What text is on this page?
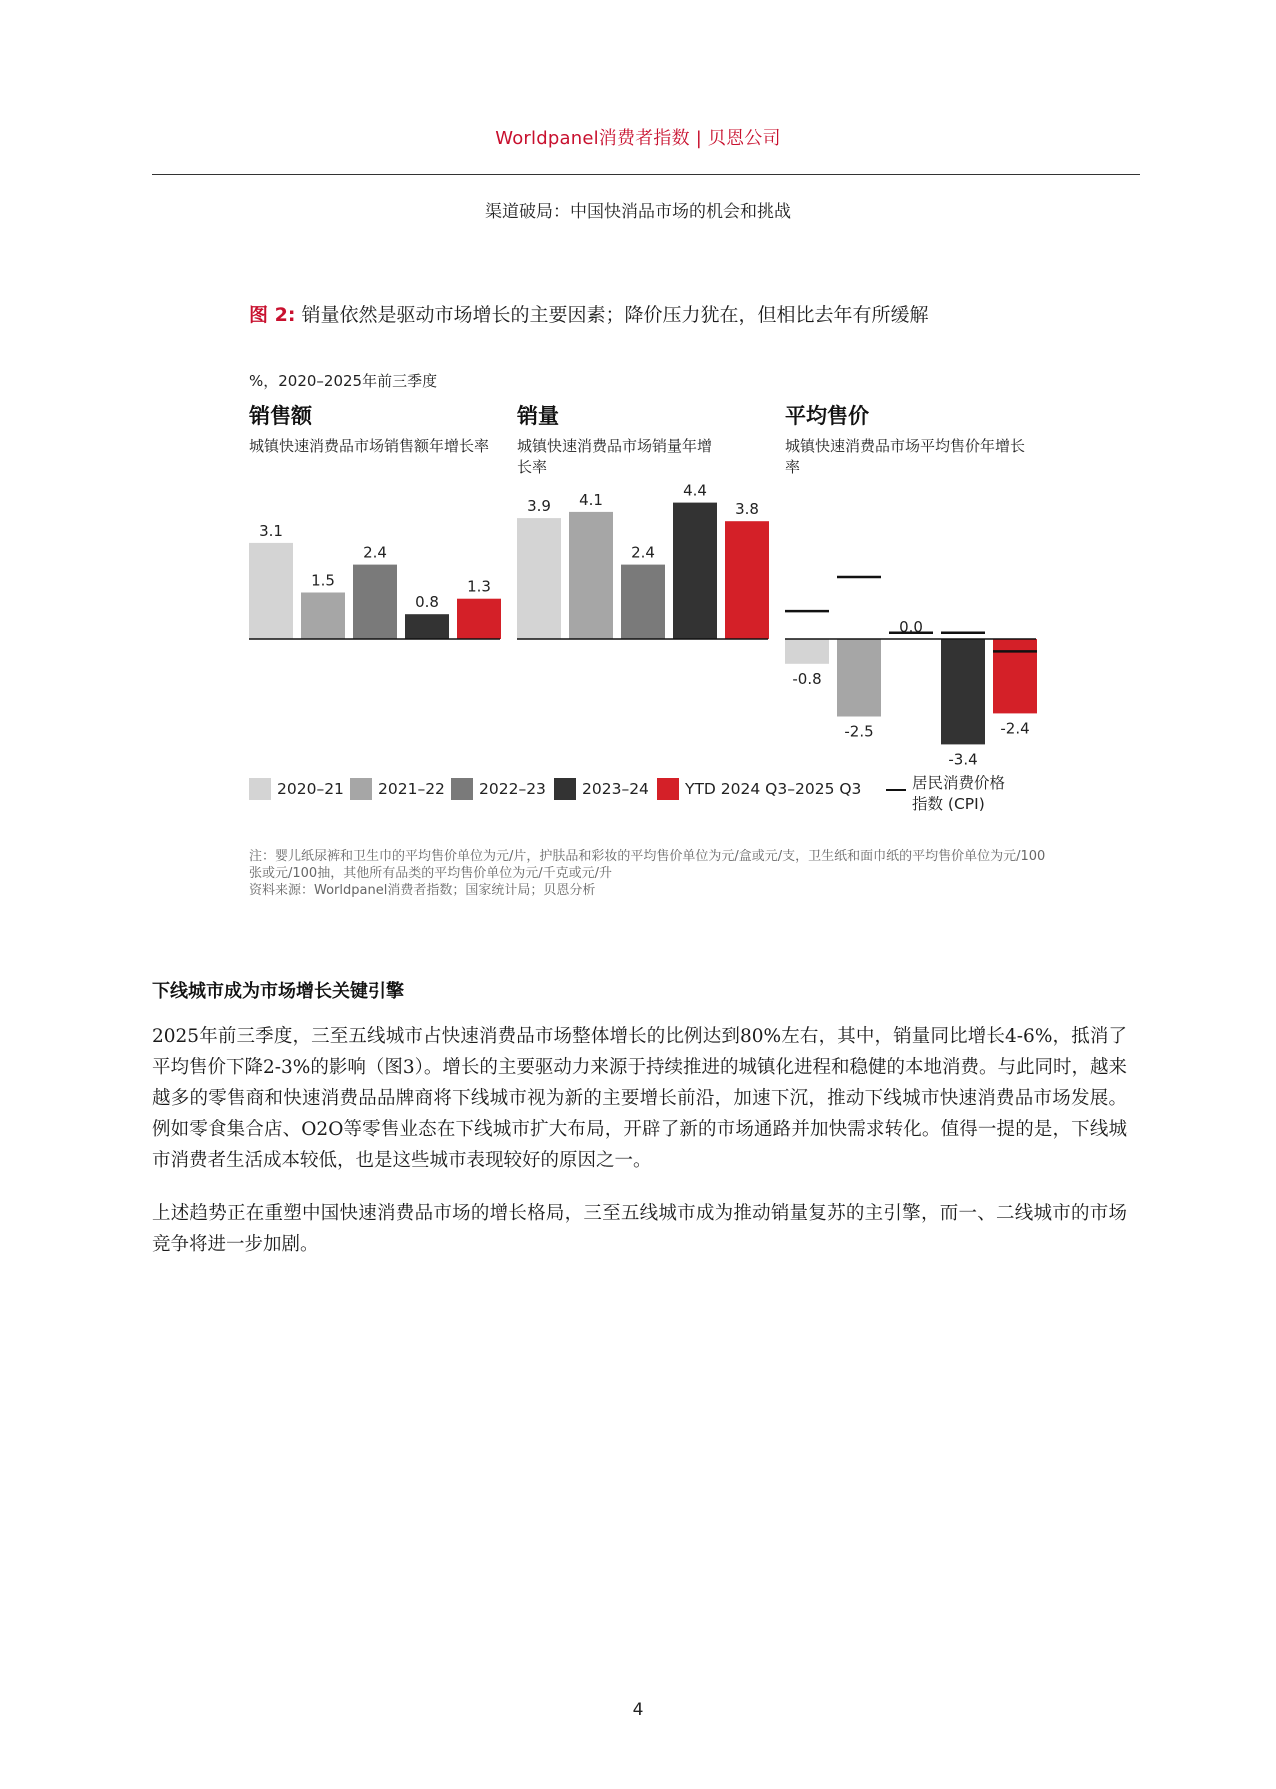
Worldpanel消费者指数 | 贝恩公司
渠道破局：中国快消品市场的机会和挑战
图 2: 销量依然是驱动市场增长的主要因素；降价压力犹在，但相比去年有所缓解
%，2020–2025年前三季度
销售额
城镇快速消费品市场销售额年增长率
销量
城镇快速消费品市场销量年增长率
平均售价
城镇快速消费品市场平均售价年增长率
3.1
1.5
2.4
0.8
1.3
3.9 4.1
2.4
4.4
3.8
-0.8
-2.5
0.0
-3.4
-2.4
2020–21 2021–22 2022–23 2023–24 YTD 2024 Q3–2025 Q3	居民消费价格
指数 (CPI)
注：婴儿纸尿裤和卫生巾的平均售价单位为元/片，护肤品和彩妆的平均售价单位为元/盒或元/支，卫生纸和面巾纸的平均售价单位为元/100张或元/100抽，其他所有品类的平均售价单位为元/千克或元/升
资料来源：Worldpanel消费者指数；国家统计局；贝恩分析
下线城市成为市场增长关键引擎
2025年前三季度，三至五线城市占快速消费品市场整体增长的比例达到80%左右，其中，销量同比增长4-6%，抵消了平均售价下降2-3%的影响（图3）。增长的主要驱动力来源于持续推进的城镇化进程和稳健的本地消费。与此同时，越来越多的零售商和快速消费品品牌商将下线城市视为新的主要增长前沿，加速下沉，推动下线城市快速消费品市场发展。例如零食集合店、O2O等零售业态在下线城市扩大布局，开辟了新的市场通路并加快需求转化。值得一提的是，下线城市消费者生活成本较低，也是这些城市表现较好的原因之一。
上述趋势正在重塑中国快速消费品市场的增长格局，三至五线城市成为推动销量复苏的主引擎，而一、二线城市的市场竞争将进一步加剧。
4
